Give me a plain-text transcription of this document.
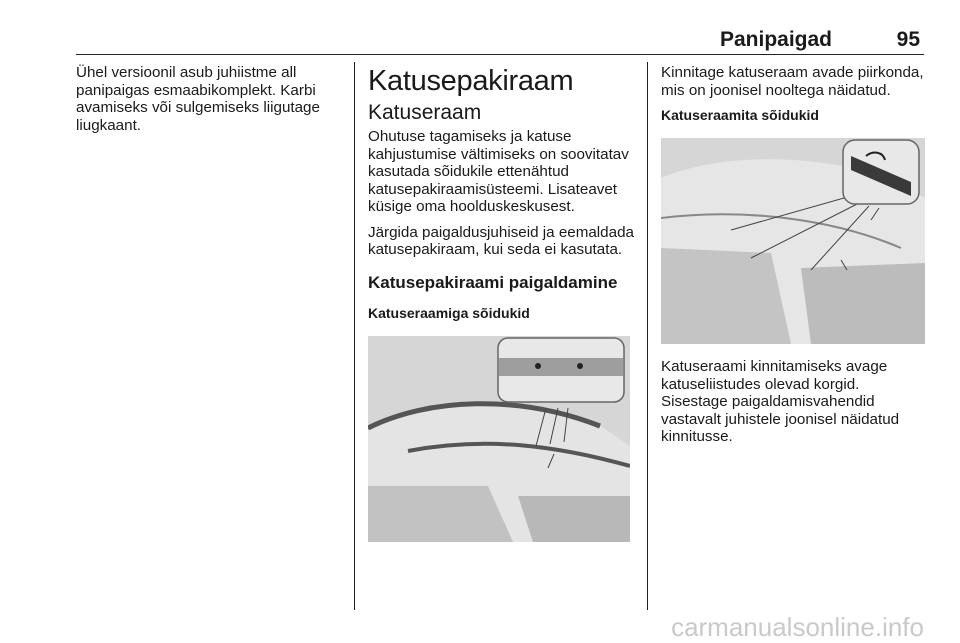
Panipaigad	95

Ühel versioonil asub juhiistme all panipaigas esmaabikomplekt. Karbi avamiseks või sulgemiseks liigutage liugkaant.

Katusepakiraam
Katuseraam

Ohutuse tagamiseks ja katuse kahjustumise vältimiseks on soovitatav kasutada sõidukile ettenähtud katusepakiraamisüsteemi. Lisateavet küsige oma hoolduskeskusest.

Järgida paigaldusjuhiseid ja eemaldada katusepakiraam, kui seda ei kasutata.

Katusepakiraami paigaldamine
Katuseraamiga sõidukid

Kinnitage katuseraam avade piirkonda, mis on joonisel nooltega näidatud.

Katuseraamita sõidukid

Katuseraami kinnitamiseks avage katuseliistudes olevad korgid. Sisestage paigaldamisvahendid vastavalt juhistele joonisel näidatud kinnitusse.

carmanualsonline.info
